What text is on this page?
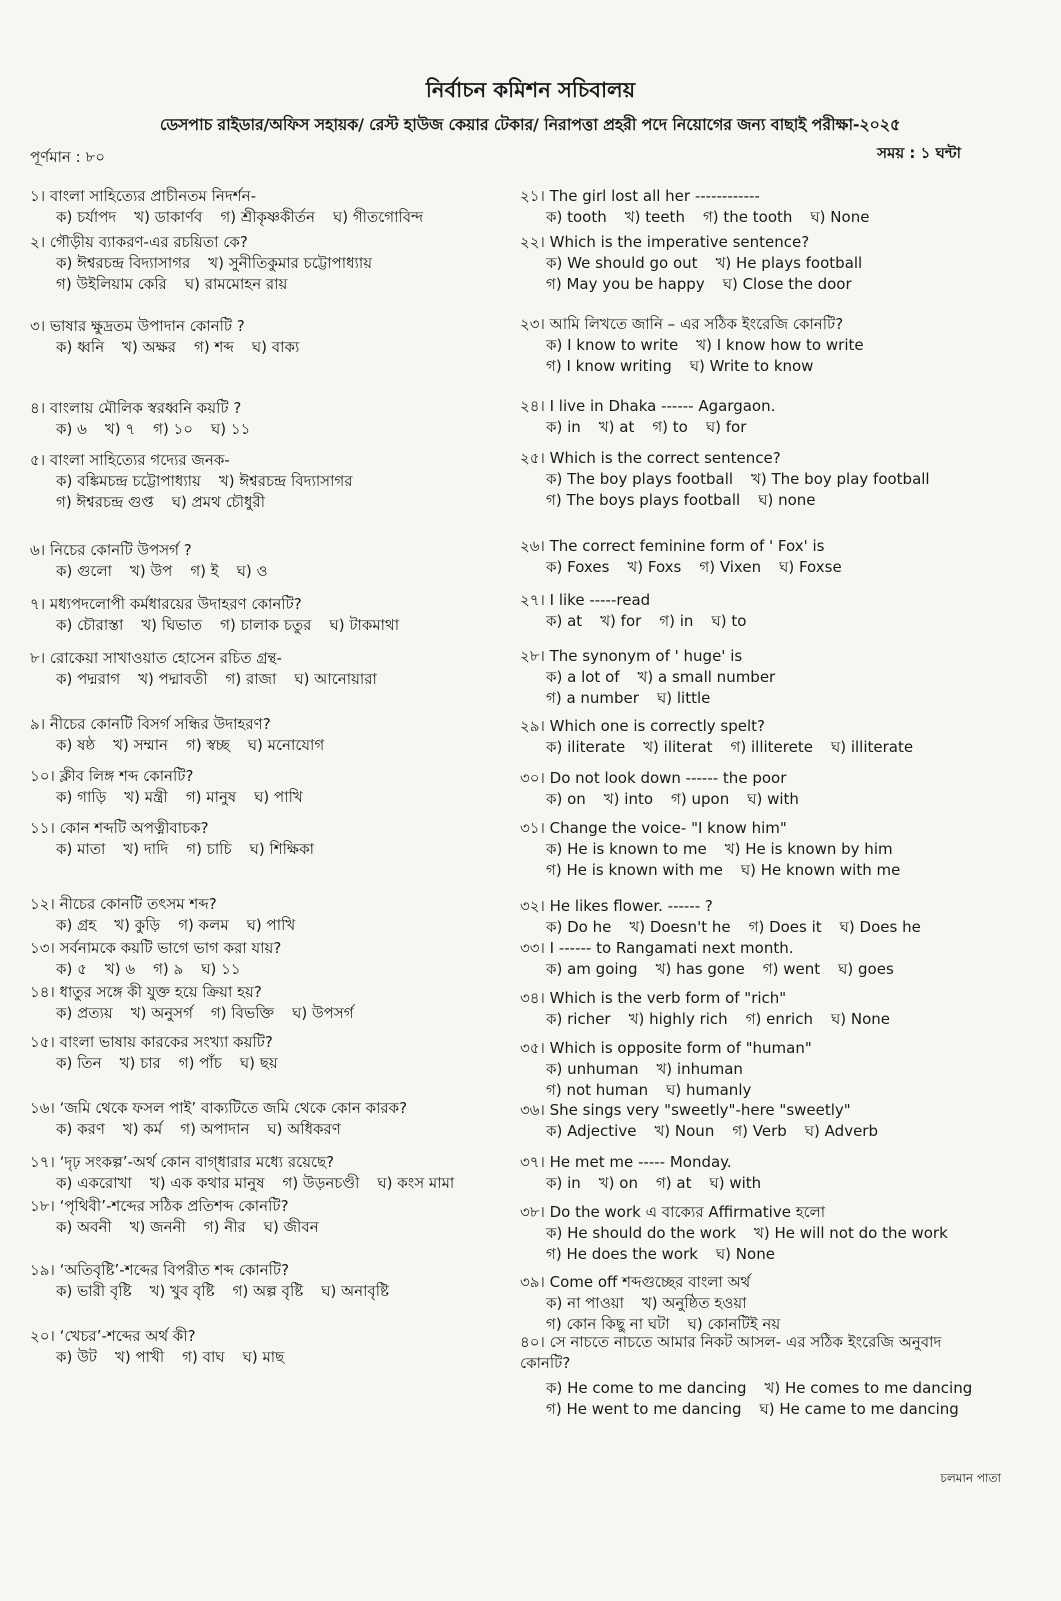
নির্বাচন কমিশন সচিবালয়
ডেসপাচ রাইডার/অফিস সহায়ক/ রেস্ট হাউজ কেয়ার টেকার/ নিরাপত্তা প্রহরী পদে নিয়োগের জন্য বাছাই পরীক্ষা-২০২৫
পূর্ণমান : ৮০	সময় : ১ ঘন্টা
১। বাংলা সাহিত্যের প্রাচীনতম নিদর্শন-
ক) চর্যাপদ খ) ডাকার্ণব গ) শ্রীকৃষ্ণকীর্তন ঘ) গীতগোবিন্দ
২। গৌড়ীয় ব্যাকরণ-এর রচয়িতা কে?
ক) ঈশ্বরচন্দ্র বিদ্যাসাগর খ) সুনীতিকুমার চট্টোপাধ্যায়
গ) উইলিয়াম কেরি ঘ) রামমোহন রায়
৩। ভাষার ক্ষুদ্রতম উপাদান কোনটি ?
ক) ধ্বনি খ) অক্ষর গ) শব্দ ঘ) বাক্য
৪। বাংলায় মৌলিক স্বরধ্বনি কয়টি ?
ক) ৬ খ) ৭ গ) ১০ ঘ) ১১
৫। বাংলা সাহিত্যের গদ্যের জনক-
ক) বঙ্কিমচন্দ্র চট্টোপাধ্যায় খ) ঈশ্বরচন্দ্র বিদ্যাসাগর
গ) ঈশ্বরচন্দ্র গুপ্ত ঘ) প্রমথ চৌধুরী
৬। নিচের কোনটি উপসর্গ ?
ক) গুলো খ) উপ গ) ই ঘ) ও
৭। মধ্যপদলোপী কর্মধারয়ের উদাহরণ কোনটি?
ক) চৌরাস্তা খ) ঘিভাত গ) চালাক চতুর ঘ) টাকমাথা
৮। রোকেয়া সাখাওয়াত হোসেন রচিত গ্রন্থ-
ক) পদ্মরাগ খ) পদ্মাবতী গ) রাজা ঘ) আনোয়ারা
৯। নীচের কোনটি বিসর্গ সন্ধির উদাহরণ?
ক) ষষ্ঠ খ) সম্মান গ) স্বচ্ছ ঘ) মনোযোগ
১০। ক্লীব লিঙ্গ শব্দ কোনটি?
ক) গাড়ি খ) মন্ত্রী গ) মানুষ ঘ) পাখি
১১। কোন শব্দটি অপত্নীবাচক?
ক) মাতা খ) দাদি গ) চাচি ঘ) শিক্ষিকা
১২। নীচের কোনটি তৎসম শব্দ?
ক) গ্রহ খ) কুড়ি গ) কলম ঘ) পাখি
১৩। সর্বনামকে কয়টি ভাগে ভাগ করা যায়?
ক) ৫ খ) ৬ গ) ৯ ঘ) ১১
১৪। ধাতুর সঙ্গে কী যুক্ত হয়ে ক্রিয়া হয়?
ক) প্রত্যয় খ) অনুসর্গ গ) বিভক্তি ঘ) উপসর্গ
১৫। বাংলা ভাষায় কারকের সংখ্যা কয়টি?
ক) তিন খ) চার গ) পাঁচ ঘ) ছয়
১৬। ‘জমি থেকে ফসল পাই’ বাক্যটিতে জমি থেকে কোন কারক?
ক) করণ খ) কর্ম গ) অপাদান ঘ) অধিকরণ
১৭। ‘দৃঢ় সংকল্প’-অর্থ কোন বাগ্‌ধারার মধ্যে রয়েছে?
ক) একরোখা খ) এক কথার মানুষ গ) উড়নচণ্ডী ঘ) কংস মামা
১৮। ‘পৃথিবী’-শব্দের সঠিক প্রতিশব্দ কোনটি?
ক) অবনী খ) জননী গ) নীর ঘ) জীবন
১৯। ‘অতিবৃষ্টি’-শব্দের বিপরীত শব্দ কোনটি?
ক) ভারী বৃষ্টি খ) খুব বৃষ্টি গ) অল্প বৃষ্টি ঘ) অনাবৃষ্টি
২০। ‘খেচর’-শব্দের অর্থ কী?
ক) উট খ) পাখী গ) বাঘ ঘ) মাছ
২১। The girl lost all her ------------
ক) tooth খ) teeth গ) the tooth ঘ) None
২২। Which is the imperative sentence?
ক) We should go out খ) He plays football
গ) May you be happy ঘ) Close the door
২৩। আমি লিখতে জানি – এর সঠিক ইংরেজি কোনটি?
ক) I know to write খ) I know how to write
গ) I know writing ঘ) Write to know
২৪। I live in Dhaka ------ Agargaon.
ক) in খ) at গ) to ঘ) for
২৫। Which is the correct sentence?
ক) The boy plays football খ) The boy play football
গ) The boys plays football ঘ) none
২৬। The correct feminine form of ' Fox' is
ক) Foxes খ) Foxs গ) Vixen ঘ) Foxse
২৭। I like -----read
ক) at খ) for গ) in ঘ) to
২৮। The synonym of ' huge' is
ক) a lot of খ) a small number
গ) a number ঘ) little
২৯। Which one is correctly spelt?
ক) iliterate খ) iliterat গ) illiterete ঘ) illiterate
৩০। Do not look down ------ the poor
ক) on খ) into গ) upon ঘ) with
৩১। Change the voice- "I know him"
ক) He is known to me খ) He is known by him
গ) He is known with me ঘ) He known with me
৩২। He likes flower. ------ ?
ক) Do he খ) Doesn't he গ) Does it ঘ) Does he
৩৩। I ------ to Rangamati next month.
ক) am going খ) has gone গ) went ঘ) goes
৩৪। Which is the verb form of "rich"
ক) richer খ) highly rich গ) enrich ঘ) None
৩৫। Which is opposite form of "human"
ক) unhuman খ) inhuman
গ) not human ঘ) humanly
৩৬। She sings very "sweetly"-here "sweetly"
ক) Adjective খ) Noun গ) Verb ঘ) Adverb
৩৭। He met me ----- Monday.
ক) in খ) on গ) at ঘ) with
৩৮। Do the work এ বাক্যের Affirmative হলো
ক) He should do the work খ) He will not do the work
গ) He does the work ঘ) None
৩৯। Come off শব্দগুচ্ছের বাংলা অর্থ
ক) না পাওয়া খ) অনুষ্ঠিত হওয়া
গ) কোন কিছু না ঘটা ঘ) কোনটিই নয়
৪০। সে নাচতে নাচতে আমার নিকট আসল- এর সঠিক ইংরেজি অনুবাদ
কোনটি?
ক) He come to me dancing খ) He comes to me dancing
গ) He went to me dancing ঘ) He came to me dancing
চলমান পাতা
